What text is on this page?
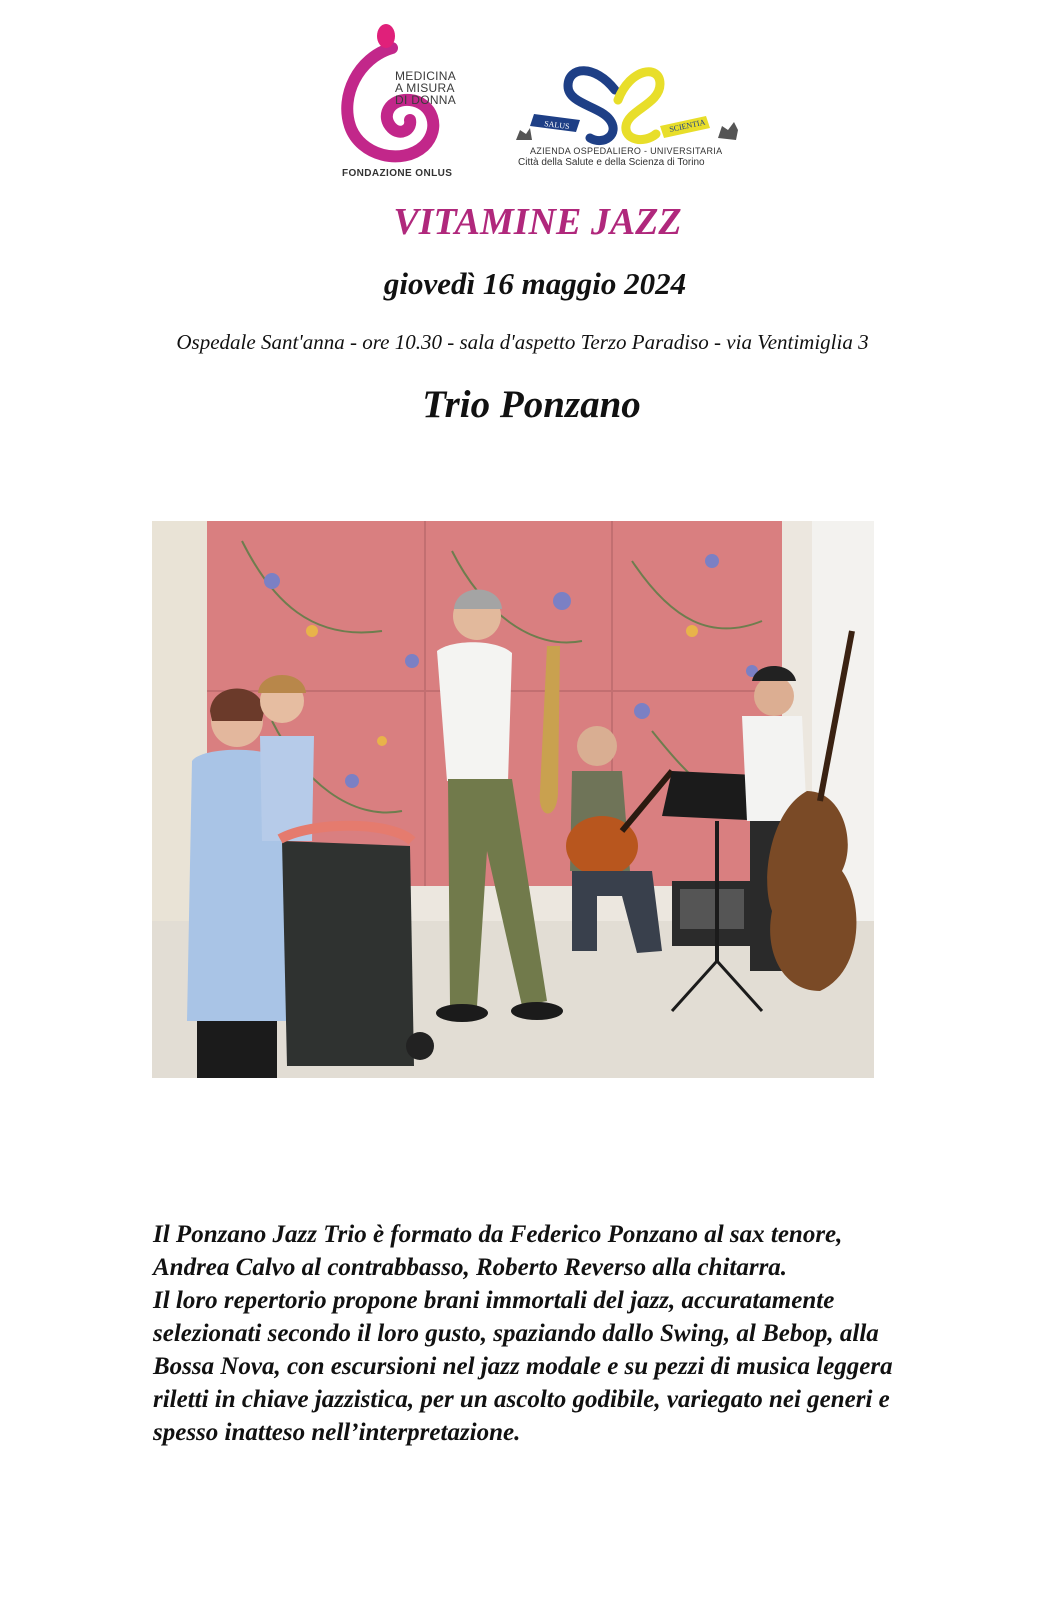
MEDICINA
A MISURA
DI DONNA
FONDAZIONE ONLUS
SALUS	SCIENTIA
AZIENDA OSPEDALIERO - UNIVERSITARIA
Città della Salute e della Scienza di Torino
VITAMINE JAZZ
giovedì 16 maggio 2024
Ospedale Sant'anna - ore 10.30 - sala d'aspetto Terzo Paradiso - via Ventimiglia 3
Trio Ponzano

Il Ponzano Jazz Trio è formato da Federico Ponzano al sax tenore, Andrea Calvo al contrabbasso, Roberto Reverso alla chitarra.

Il loro repertorio propone brani immortali del jazz, accuratamente selezionati secondo il loro gusto, spaziando dallo Swing, al Bebop, alla Bossa Nova, con escursioni nel jazz modale e su pezzi di musica leggera riletti in chiave jazzistica, per un ascolto godibile, variegato nei generi e spesso inatteso nell’interpretazione.
